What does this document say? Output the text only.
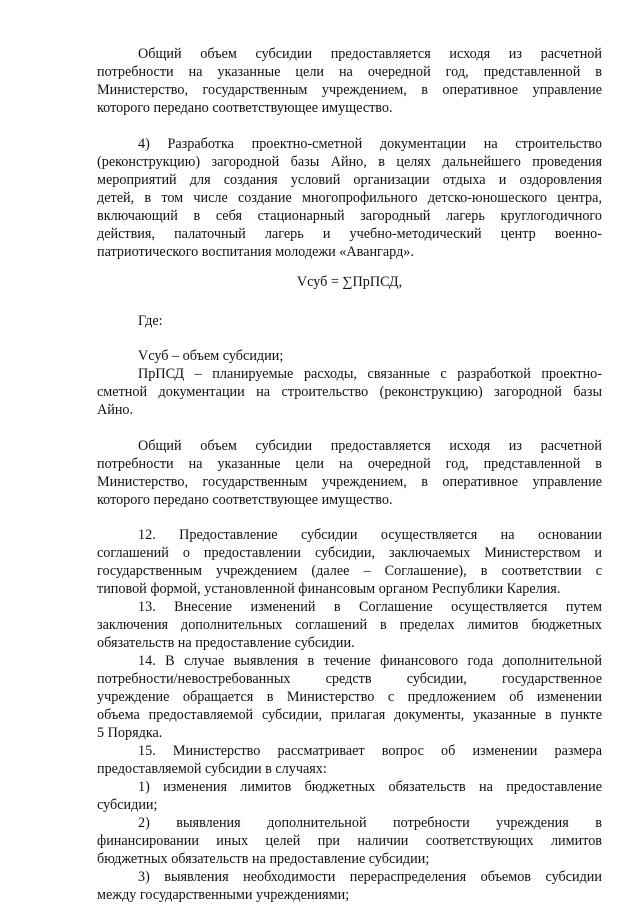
Общий объем субсидии предоставляется исходя из расчетной
потребности на указанные цели на очередной год, представленной в
Министерство, государственным учреждением, в оперативное управление
которого передано соответствующее имущество.
4) Разработка проектно-сметной документации на строительство
(реконструкцию) загородной базы Айно, в целях дальнейшего проведения
мероприятий для создания условий организации отдыха и оздоровления
детей, в том числе создание многопрофильного детско-юношеского центра,
включающий в себя стационарный загородный лагерь круглогодичного
действия, палаточный лагерь и учебно-методический центр военно-
патриотического воспитания молодежи «Авангард».
Vсуб = ∑ПрПСД,
Где:
Vсуб – объем субсидии;
ПрПСД – планируемые расходы, связанные с разработкой проектно-
сметной документации на строительство (реконструкцию) загородной базы
Айно.
Общий объем субсидии предоставляется исходя из расчетной
потребности на указанные цели на очередной год, представленной в
Министерство, государственным учреждением, в оперативное управление
которого передано соответствующее имущество.
12. Предоставление субсидии осуществляется на основании
соглашений о предоставлении субсидии, заключаемых Министерством и
государственным учреждением (далее – Соглашение), в соответствии с
типовой формой, установленной финансовым органом Республики Карелия.
13. Внесение изменений в Соглашение осуществляется путем
заключения дополнительных соглашений в пределах лимитов бюджетных
обязательств на предоставление субсидии.
14. В случае выявления в течение финансового года дополнительной
потребности/невостребованных средств субсидии, государственное
учреждение обращается в Министерство с предложением об изменении
объема предоставляемой субсидии, прилагая документы, указанные в пункте
5 Порядка.
15. Министерство рассматривает вопрос об изменении размера
предоставляемой субсидии в случаях:
1) изменения лимитов бюджетных обязательств на предоставление
субсидии;
2) выявления дополнительной потребности учреждения в
финансировании иных целей при наличии соответствующих лимитов
бюджетных обязательств на предоставление субсидии;
3) выявления необходимости перераспределения объемов субсидии
между государственными учреждениями;
